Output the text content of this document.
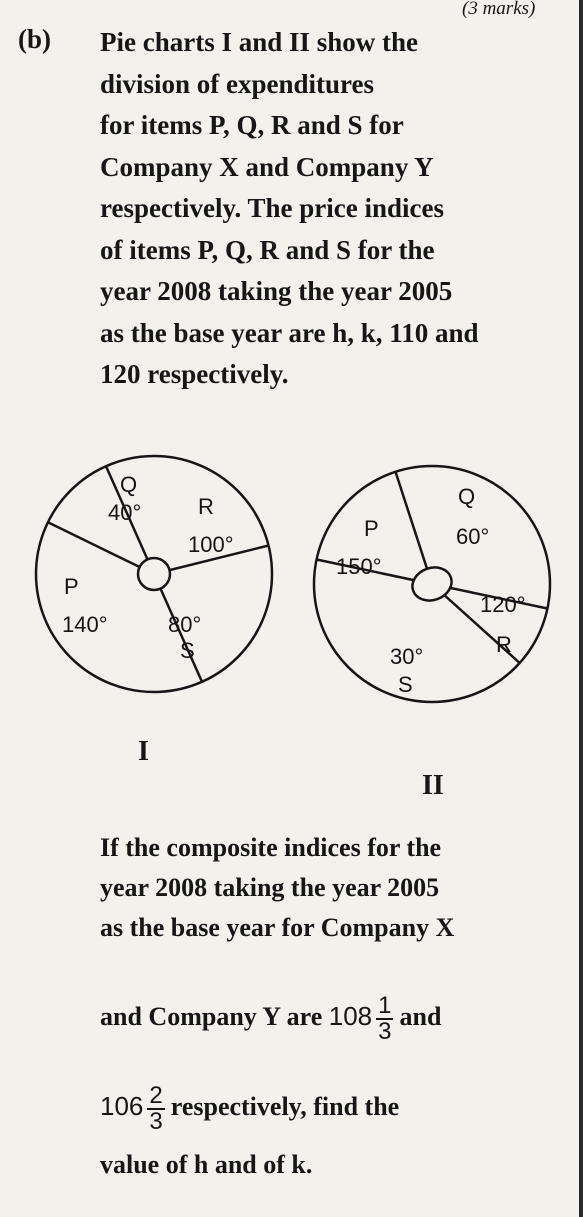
(3 marks)
(b) Pie charts I and II show the
division of expenditures
for items P, Q, R and S for
Company X and Company Y
respectively. The price indices
of items P, Q, R and S for the
year 2008 taking the year 2005
as the base year are h, k, 110 and
120 respectively.
Q
40°	R
100°
P
140°	80°
S
P
150°
Q
60°
120°
R
30°
S
I
II
If the composite indices for the
year 2008 taking the year 2005
as the base year for Company X
and Company Y are $108 \frac{1}{3}$ and
$106 \frac{2}{3}$ respectively, find the
value of h and of k.
